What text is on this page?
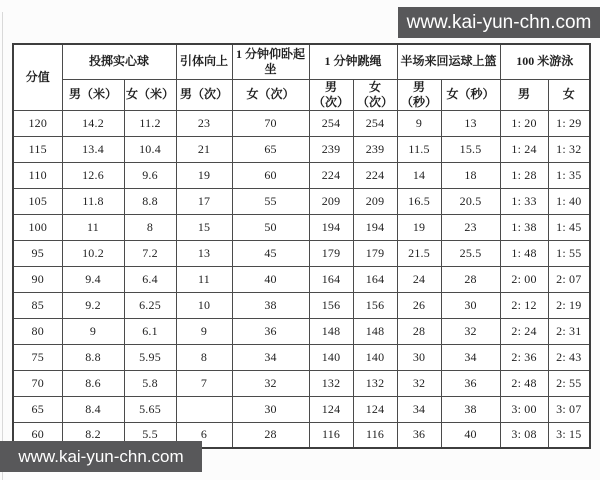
www.kai-yun-chn.com
分值	投掷实心球		引体向上	1 分钟仰卧起坐	1 分钟跳绳		半场来回运球上篮		100 米游泳	
	男（米）	女（米）	男（次）	女（次）	男（次）	女（次）	男（秒）	女（秒）	男	女
120	14.2	11.2	23	70	254	254	9	13	1: 20	1: 29
115	13.4	10.4	21	65	239	239	11.5	15.5	1: 24	1: 32
110	12.6	9.6	19	60	224	224	14	18	1: 28	1: 35
105	11.8	8.8	17	55	209	209	16.5	20.5	1: 33	1: 40
100	11	8	15	50	194	194	19	23	1: 38	1: 45
95	10.2	7.2	13	45	179	179	21.5	25.5	1: 48	1: 55
90	9.4	6.4	11	40	164	164	24	28	2: 00	2: 07
85	9.2	6.25	10	38	156	156	26	30	2: 12	2: 19
80	9	6.1	9	36	148	148	28	32	2: 24	2: 31
75	8.8	5.95	8	34	140	140	30	34	2: 36	2: 43
70	8.6	5.8	7	32	132	132	32	36	2: 48	2: 55
65	8.4	5.65		30	124	124	34	38	3: 00	3: 07
60	8.2	5.5	6	28	116	116	36	40	3: 08	3: 15
www.kai-yun-chn.com
